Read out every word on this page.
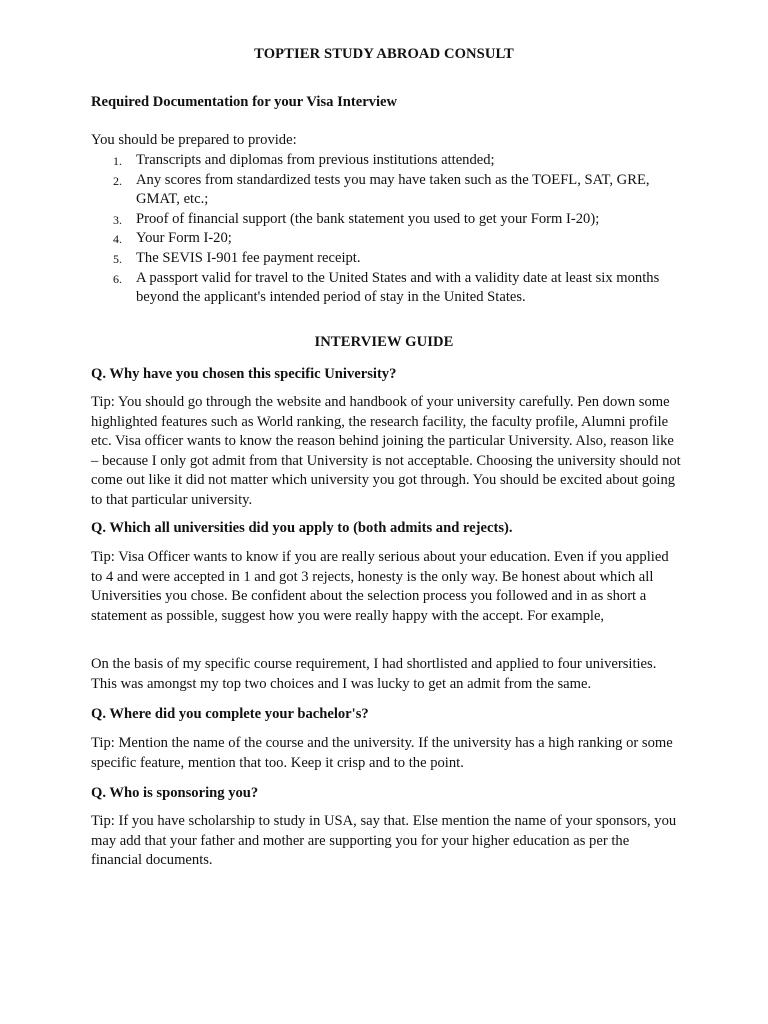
TOPTIER STUDY ABROAD CONSULT
Required Documentation for your Visa Interview
You should be prepared to provide:
1. Transcripts and diplomas from previous institutions attended;
2. Any scores from standardized tests you may have taken such as the TOEFL, SAT, GRE, GMAT, etc.;
3. Proof of financial support (the bank statement you used to get your Form I-20);
4. Your Form I-20;
5. The SEVIS I-901 fee payment receipt.
6. A passport valid for travel to the United States and with a validity date at least six months beyond the applicant's intended period of stay in the United States.
INTERVIEW GUIDE
Q. Why have you chosen this specific University?
Tip: You should go through the website and handbook of your university carefully. Pen down some highlighted features such as World ranking, the research facility, the faculty profile, Alumni profile etc. Visa officer wants to know the reason behind joining the particular University. Also, reason like – because I only got admit from that University is not acceptable. Choosing the university should not come out like it did not matter which university you got through. You should be excited about going to that particular university.
Q. Which all universities did you apply to (both admits and rejects).
Tip: Visa Officer wants to know if you are really serious about your education. Even if you applied to 4 and were accepted in 1 and got 3 rejects, honesty is the only way. Be honest about which all Universities you chose. Be confident about the selection process you followed and in as short a statement as possible, suggest how you were really happy with the accept. For example,
On the basis of my specific course requirement, I had shortlisted and applied to four universities. This was amongst my top two choices and I was lucky to get an admit from the same.
Q. Where did you complete your bachelor's?
Tip: Mention the name of the course and the university. If the university has a high ranking or some specific feature, mention that too. Keep it crisp and to the point.
Q. Who is sponsoring you?
Tip: If you have scholarship to study in USA, say that. Else mention the name of your sponsors, you may add that your father and mother are supporting you for your higher education as per the financial documents.
